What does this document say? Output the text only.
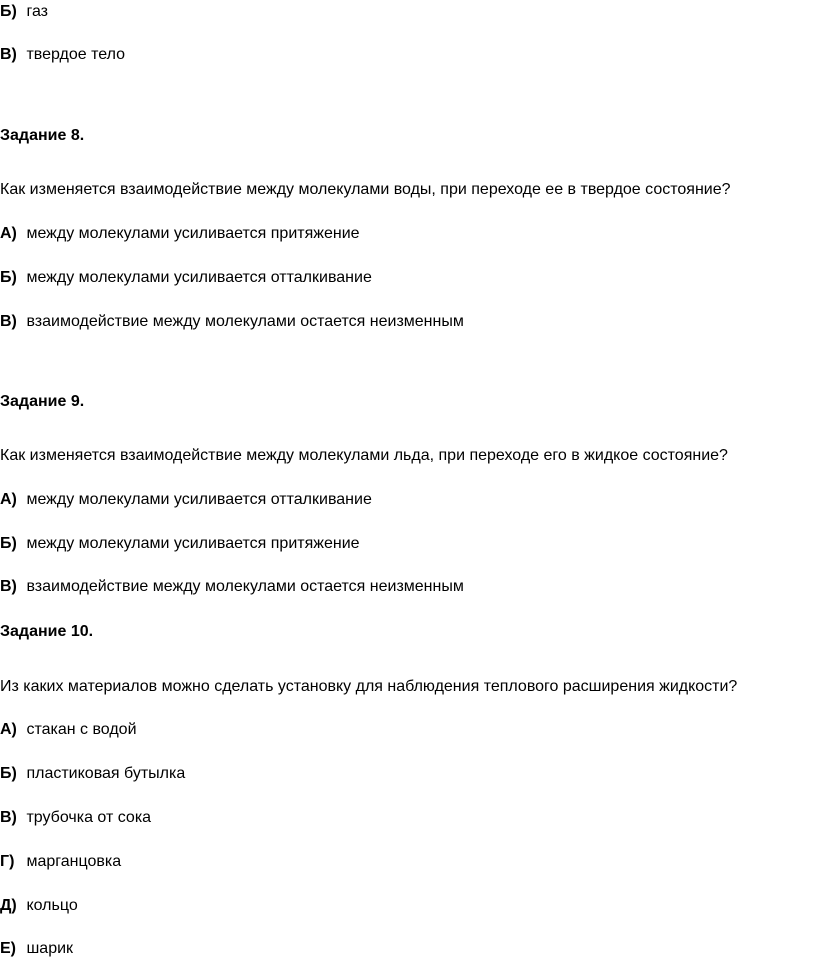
Б) газ
В) твердое тело
Задание 8.
Как изменяется взаимодействие между молекулами воды, при переходе ее в твердое состояние?
А) между молекулами усиливается притяжение
Б) между молекулами усиливается отталкивание
В) взаимодействие между молекулами остается неизменным
Задание 9.
Как изменяется взаимодействие между молекулами льда, при переходе его в жидкое состояние?
А) между молекулами усиливается отталкивание
Б) между молекулами усиливается притяжение
В) взаимодействие между молекулами остается неизменным
Задание 10.
Из каких материалов можно сделать установку для наблюдения теплового расширения жидкости?
А) стакан с водой
Б) пластиковая бутылка
В) трубочка от сока
Г) марганцовка
Д) кольцо
Е) шарик
